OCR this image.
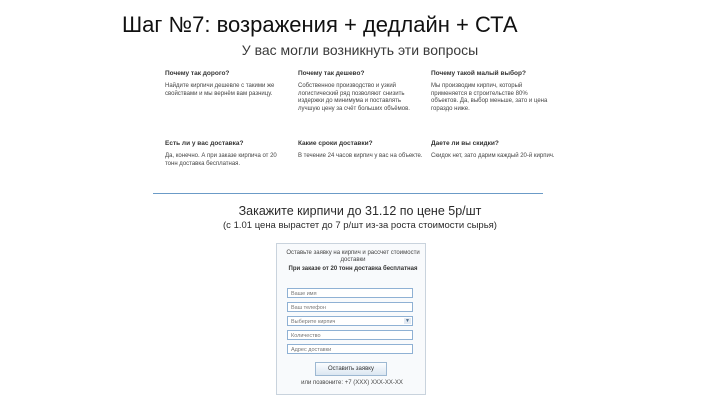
Шаг №7: возражения + дедлайн + СТА
У вас могли возникнуть эти вопросы

Почему так дорого?

Найдите кирпичи дешевле с такими же свойствами и мы вернём вам разницу.

Почему так дешево?

Собственное производство и узкий логистический ряд позволяют снизить издержки до минимума и поставлять лучшую цену за счёт больших объёмов.

Почему такой малый выбор?

Мы производим кирпич, который применяется в строительстве 80% объектов. Да, выбор меньше, зато и цена гораздо ниже.

Есть ли у вас доставка?

Да, конечно. А при заказе кирпича от 20 тонн доставка бесплатная.

Какие сроки доставки?

В течение 24 часов кирпич у вас на объекте.

Даете ли вы скидки?

Скидок нет, зато дарим каждый 20-й кирпич.

Закажите кирпичи до 31.12 по цене 5р/шт
(с 1.01 цена вырастет до 7 р/шт из-за роста стоимости сырья)
Оставьте заявку на кирпич и рассчет стоимости доставки
При заказе от 20 тонн доставка бесплатная
Ваше имя
Ваш телефон
Выберите кирпич	▼
Количество
Адрес доставки
Оставить заявку
или позвоните: +7 (XXX) XXX-XX-XX
